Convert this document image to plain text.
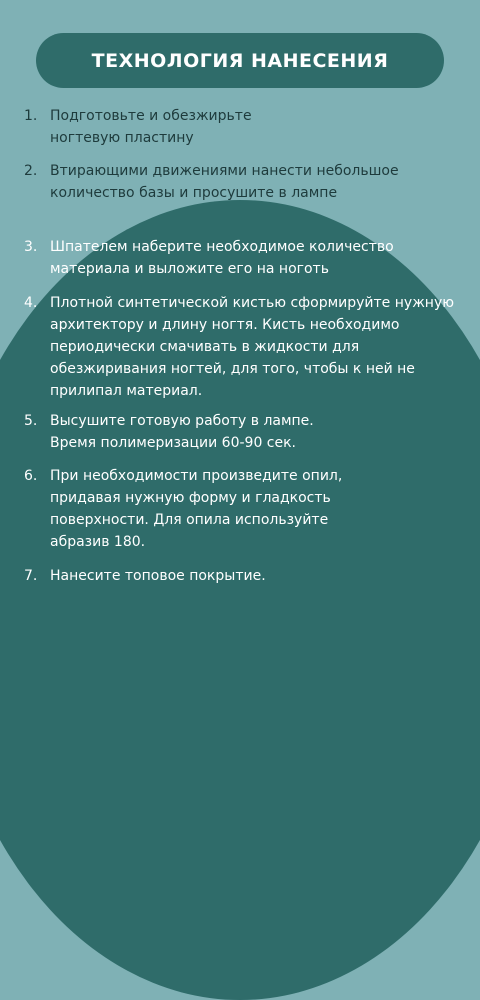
ТЕХНОЛОГИЯ НАНЕСЕНИЯ
1. Подготовьте и обезжирьте ногтевую пластину
2. Втирающими движениями нанести небольшое количество базы и просушите в лампе
3. Шпателем наберите необходимое количество материала и выложите его на ноготь
4. Плотной синтетической кистью сформируйте нужную архитектору и длину ногтя. Кисть необходимо периодически смачивать в жидкости для обезжиривания ногтей, для того, чтобы к ней не прилипал материал.
5. Высушите готовую работу в лампе. Время полимеризации 60-90 сек.
6. При необходимости произведите опил, придавая нужную форму и гладкость поверхности. Для опила используйте абразив 180.
7. Нанесите топовое покрытие.
